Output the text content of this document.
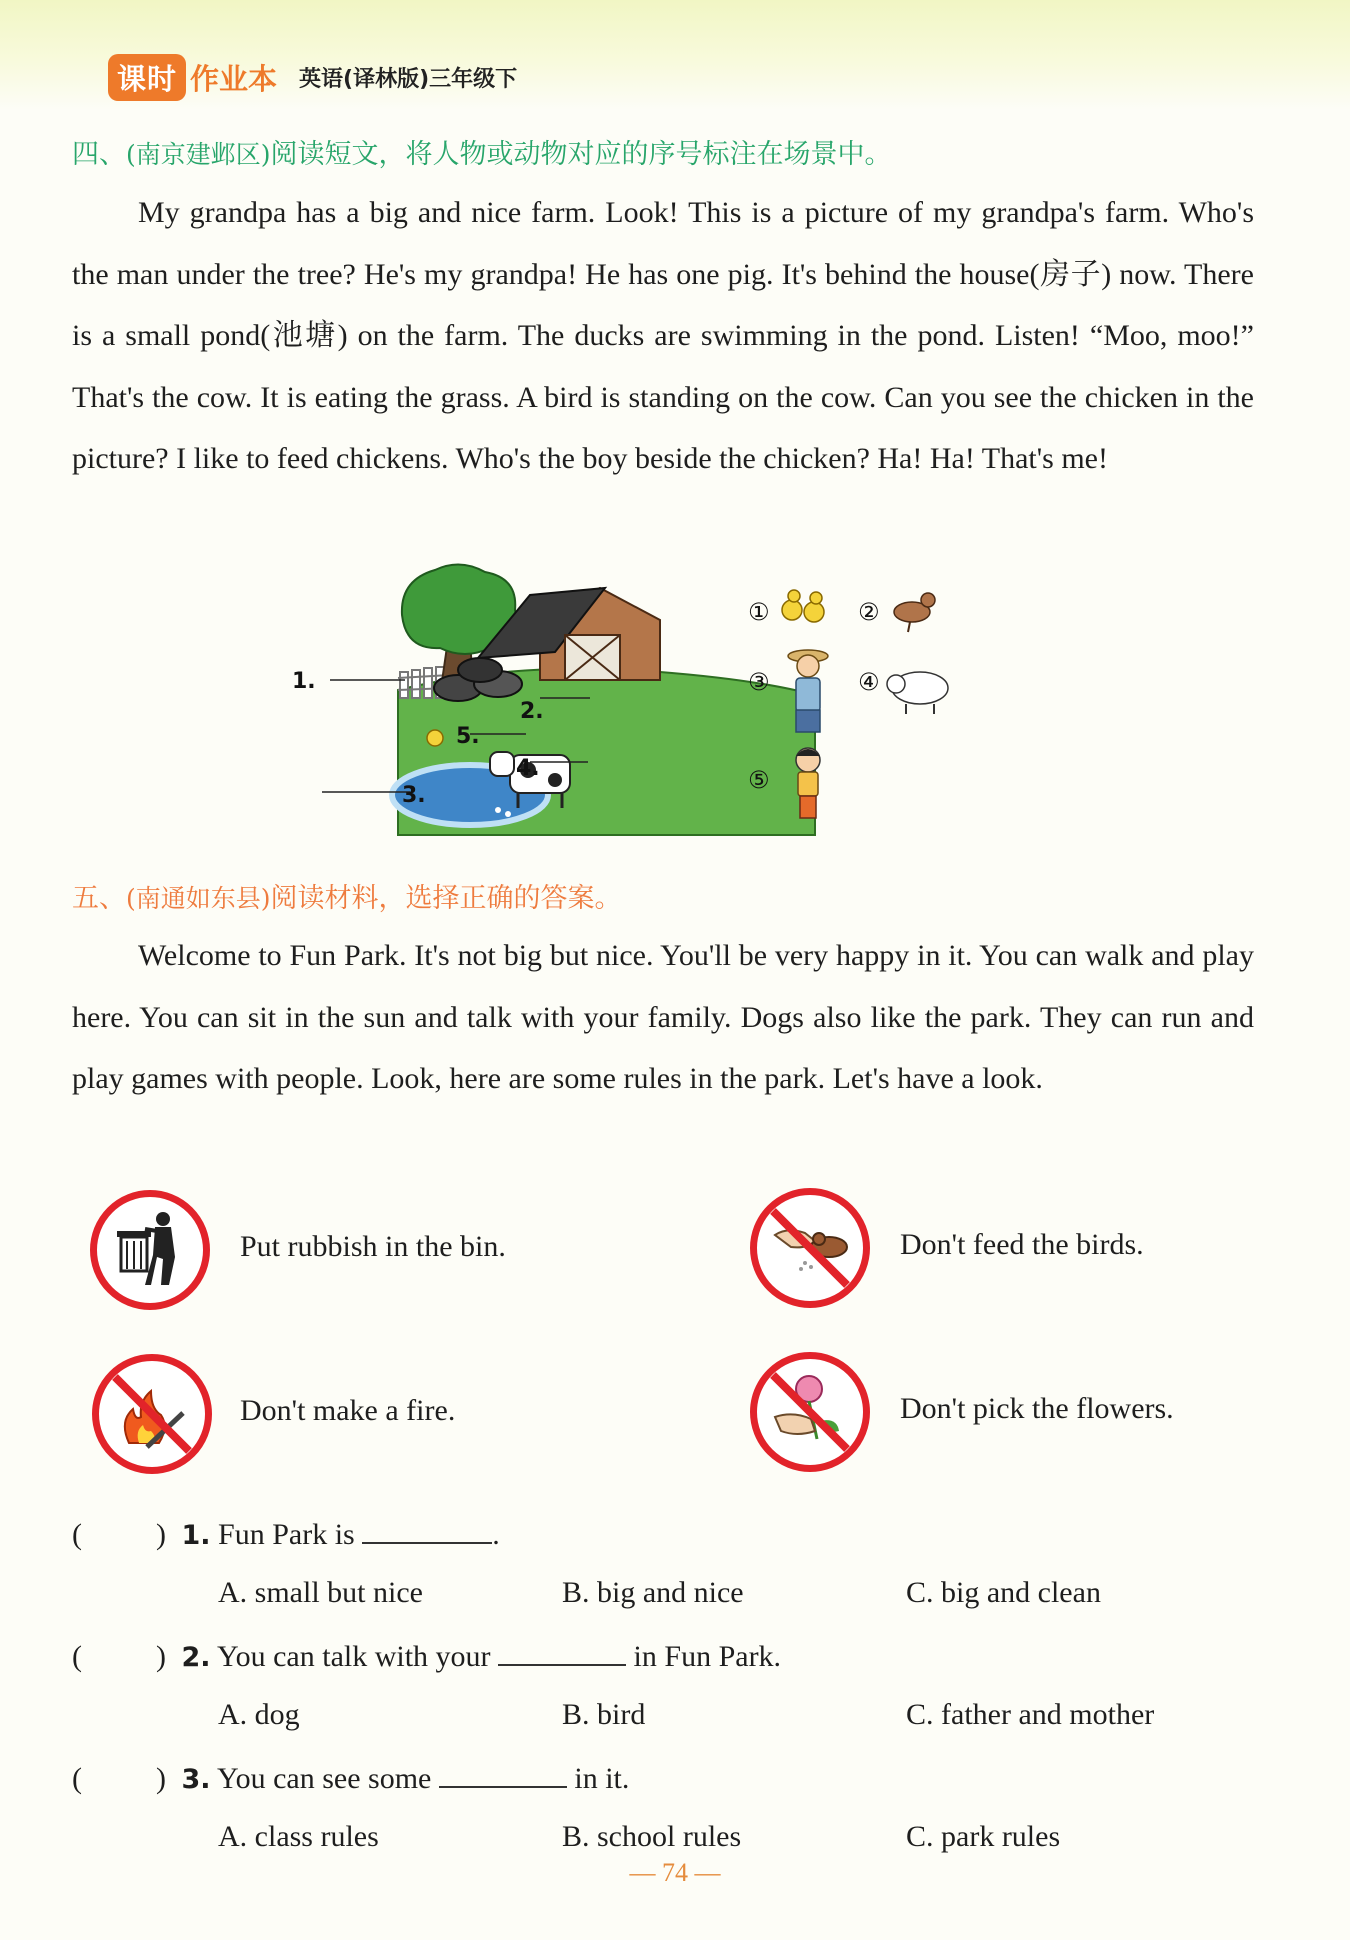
课时 作业本 英语(译林版)三年级下
四、(南京建邺区)阅读短文，将人物或动物对应的序号标注在场景中。

My grandpa has a big and nice farm. Look! This is a picture of my grandpa's farm. Who's the man under the tree? He's my grandpa! He has one pig. It's behind the house(房子) now. There is a small pond(池塘) on the farm. The ducks are swimming in the pond. Listen! “Moo, moo!” That's the cow. It is eating the grass. A bird is standing on the cow. Can you see the chicken in the picture? I like to feed chickens. Who's the boy beside the chicken? Ha! Ha! That's me!

1.
2.
3.
4.
5.
①	②
③	④
⑤
五、(南通如东县)阅读材料，选择正确的答案。

Welcome to Fun Park. It's not big but nice. You'll be very happy in it. You can walk and play here. You can sit in the sun and talk with your family. Dogs also like the park. They can run and play games with people. Look, here are some rules in the park. Let's have a look.

Put rubbish in the bin.	Don't feed the birds.
Don't make a fire.	Don't pick the flowers.
( ) 1. Fun Park is	.
A. small but nice	B. big and nice	C. big and clean
( ) 2. You can talk with your	in Fun Park.
A. dog	B. bird	C. father and mother
( ) 3. You can see some	in it.
A. class rules	B. school rules	C. park rules
— 74 —
